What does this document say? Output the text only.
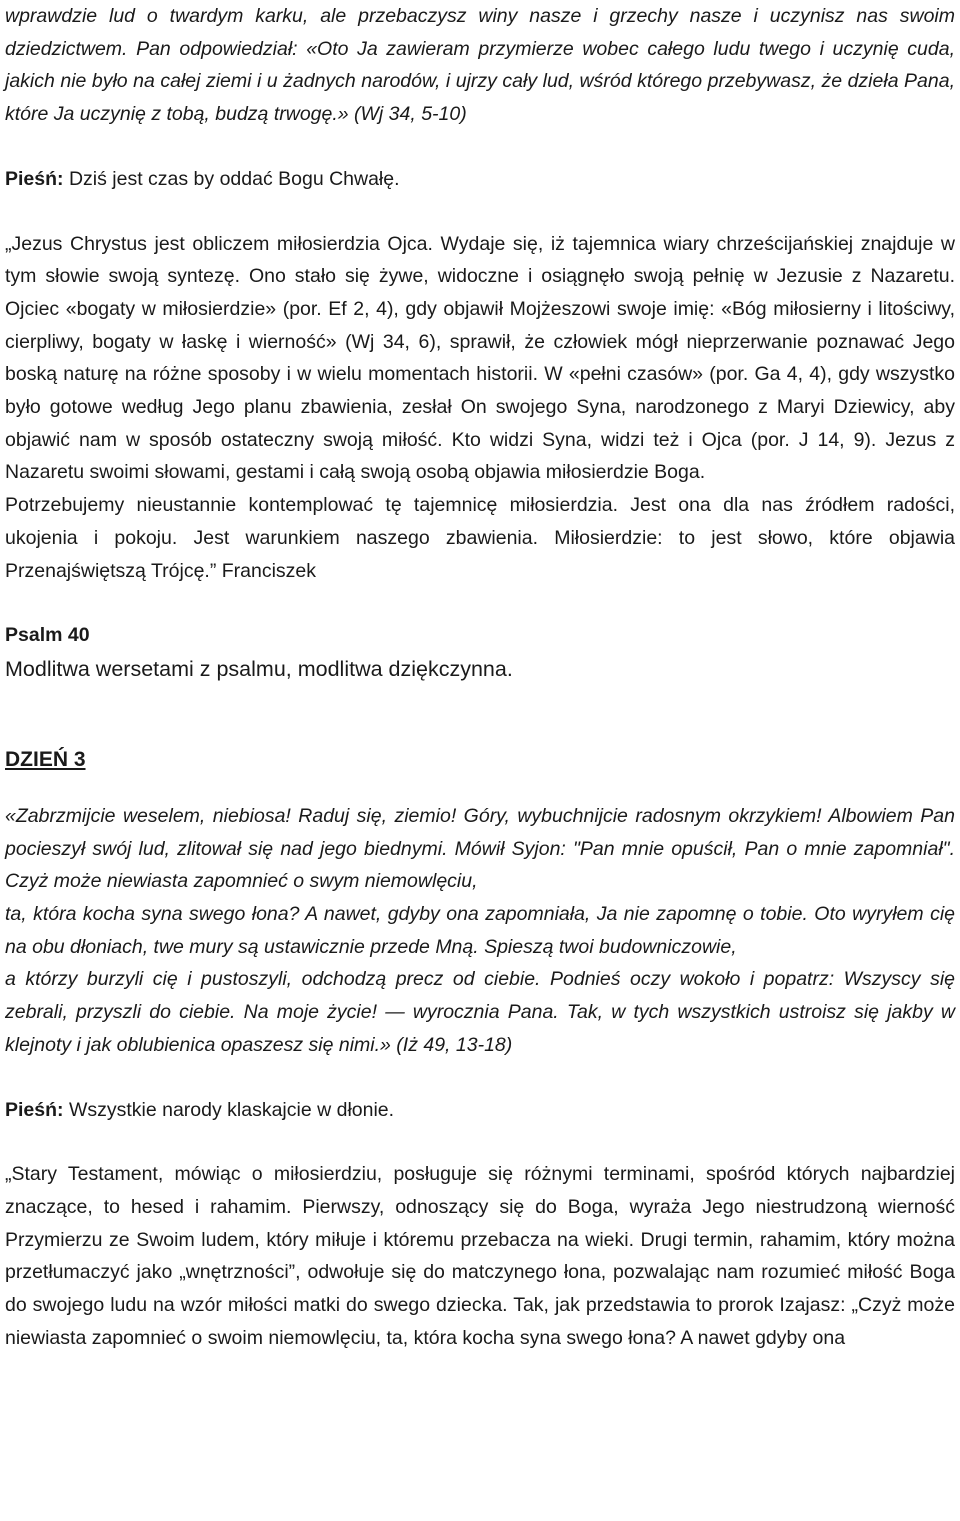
wprawdzie lud o twardym karku, ale przebaczysz winy nasze i grzechy nasze i uczynisz nas swoim dziedzictwem. Pan odpowiedział: «Oto Ja zawieram przymierze wobec całego ludu twego i uczynię cuda, jakich nie było na całej ziemi i u żadnych narodów, i ujrzy cały lud, wśród którego przebywasz, że dzieła Pana, które Ja uczynię z tobą, budzą trwogę.» (Wj 34, 5-10)

Pieśń: Dziś jest czas by oddać Bogu Chwałę.

„Jezus Chrystus jest obliczem miłosierdzia Ojca. Wydaje się, iż tajemnica wiary chrześcijańskiej znajduje w tym słowie swoją syntezę. Ono stało się żywe, widoczne i osiągnęło swoją pełnię w Jezusie z Nazaretu. Ojciec «bogaty w miłosierdzie» (por. Ef 2, 4), gdy objawił Mojżeszowi swoje imię: «Bóg miłosierny i litościwy, cierpliwy, bogaty w łaskę i wierność» (Wj 34, 6), sprawił, że człowiek mógł nieprzerwanie poznawać Jego boską naturę na różne sposoby i w wielu momentach historii. W «pełni czasów» (por. Ga 4, 4), gdy wszystko było gotowe według Jego planu zbawienia, zesłał On swojego Syna, narodzonego z Maryi Dziewicy, aby objawić nam w sposób ostateczny swoją miłość. Kto widzi Syna, widzi też i Ojca (por. J 14, 9). Jezus z Nazaretu swoimi słowami, gestami i całą swoją osobą objawia miłosierdzie Boga.

Potrzebujemy nieustannie kontemplować tę tajemnicę miłosierdzia. Jest ona dla nas źródłem radości, ukojenia i pokoju. Jest warunkiem naszego zbawienia. Miłosierdzie: to jest słowo, które objawia Przenajświętszą Trójcę.” Franciszek

Psalm 40

Modlitwa wersetami z psalmu, modlitwa dziękczynna.

DZIEŃ 3

«Zabrzmijcie weselem, niebiosa! Raduj się, ziemio! Góry, wybuchnijcie radosnym okrzykiem! Albowiem Pan pocieszył swój lud, zlitował się nad jego biednymi. Mówił Syjon: "Pan mnie opuścił, Pan o mnie zapomniał". Czyż może niewiasta zapomnieć o swym niemowlęciu,

ta, która kocha syna swego łona? A nawet, gdyby ona zapomniała, Ja nie zapomnę o tobie. Oto wyryłem cię na obu dłoniach, twe mury są ustawicznie przede Mną. Spieszą twoi budowniczowie,

a którzy burzyli cię i pustoszyli, odchodzą precz od ciebie. Podnieś oczy wokoło i popatrz: Wszyscy się zebrali, przyszli do ciebie. Na moje życie! — wyrocznia Pana. Tak, w tych wszystkich ustroisz się jakby w klejnoty i jak oblubienica opaszesz się nimi.» (Iż 49, 13-18)

Pieśń: Wszystkie narody klaskajcie w dłonie.

„Stary Testament, mówiąc o miłosierdziu, posługuje się różnymi terminami, spośród których najbardziej znaczące, to hesed i rahamim. Pierwszy, odnoszący się do Boga, wyraża Jego niestrudzoną wierność Przymierzu ze Swoim ludem, który miłuje i któremu przebacza na wieki. Drugi termin, rahamim, który można przetłumaczyć jako „wnętrzności”, odwołuje się do matczynego łona, pozwalając nam rozumieć miłość Boga do swojego ludu na wzór miłości matki do swego dziecka. Tak, jak przedstawia to prorok Izajasz: „Czyż może niewiasta zapomnieć o swoim niemowlęciu, ta, która kocha syna swego łona? A nawet gdyby ona
